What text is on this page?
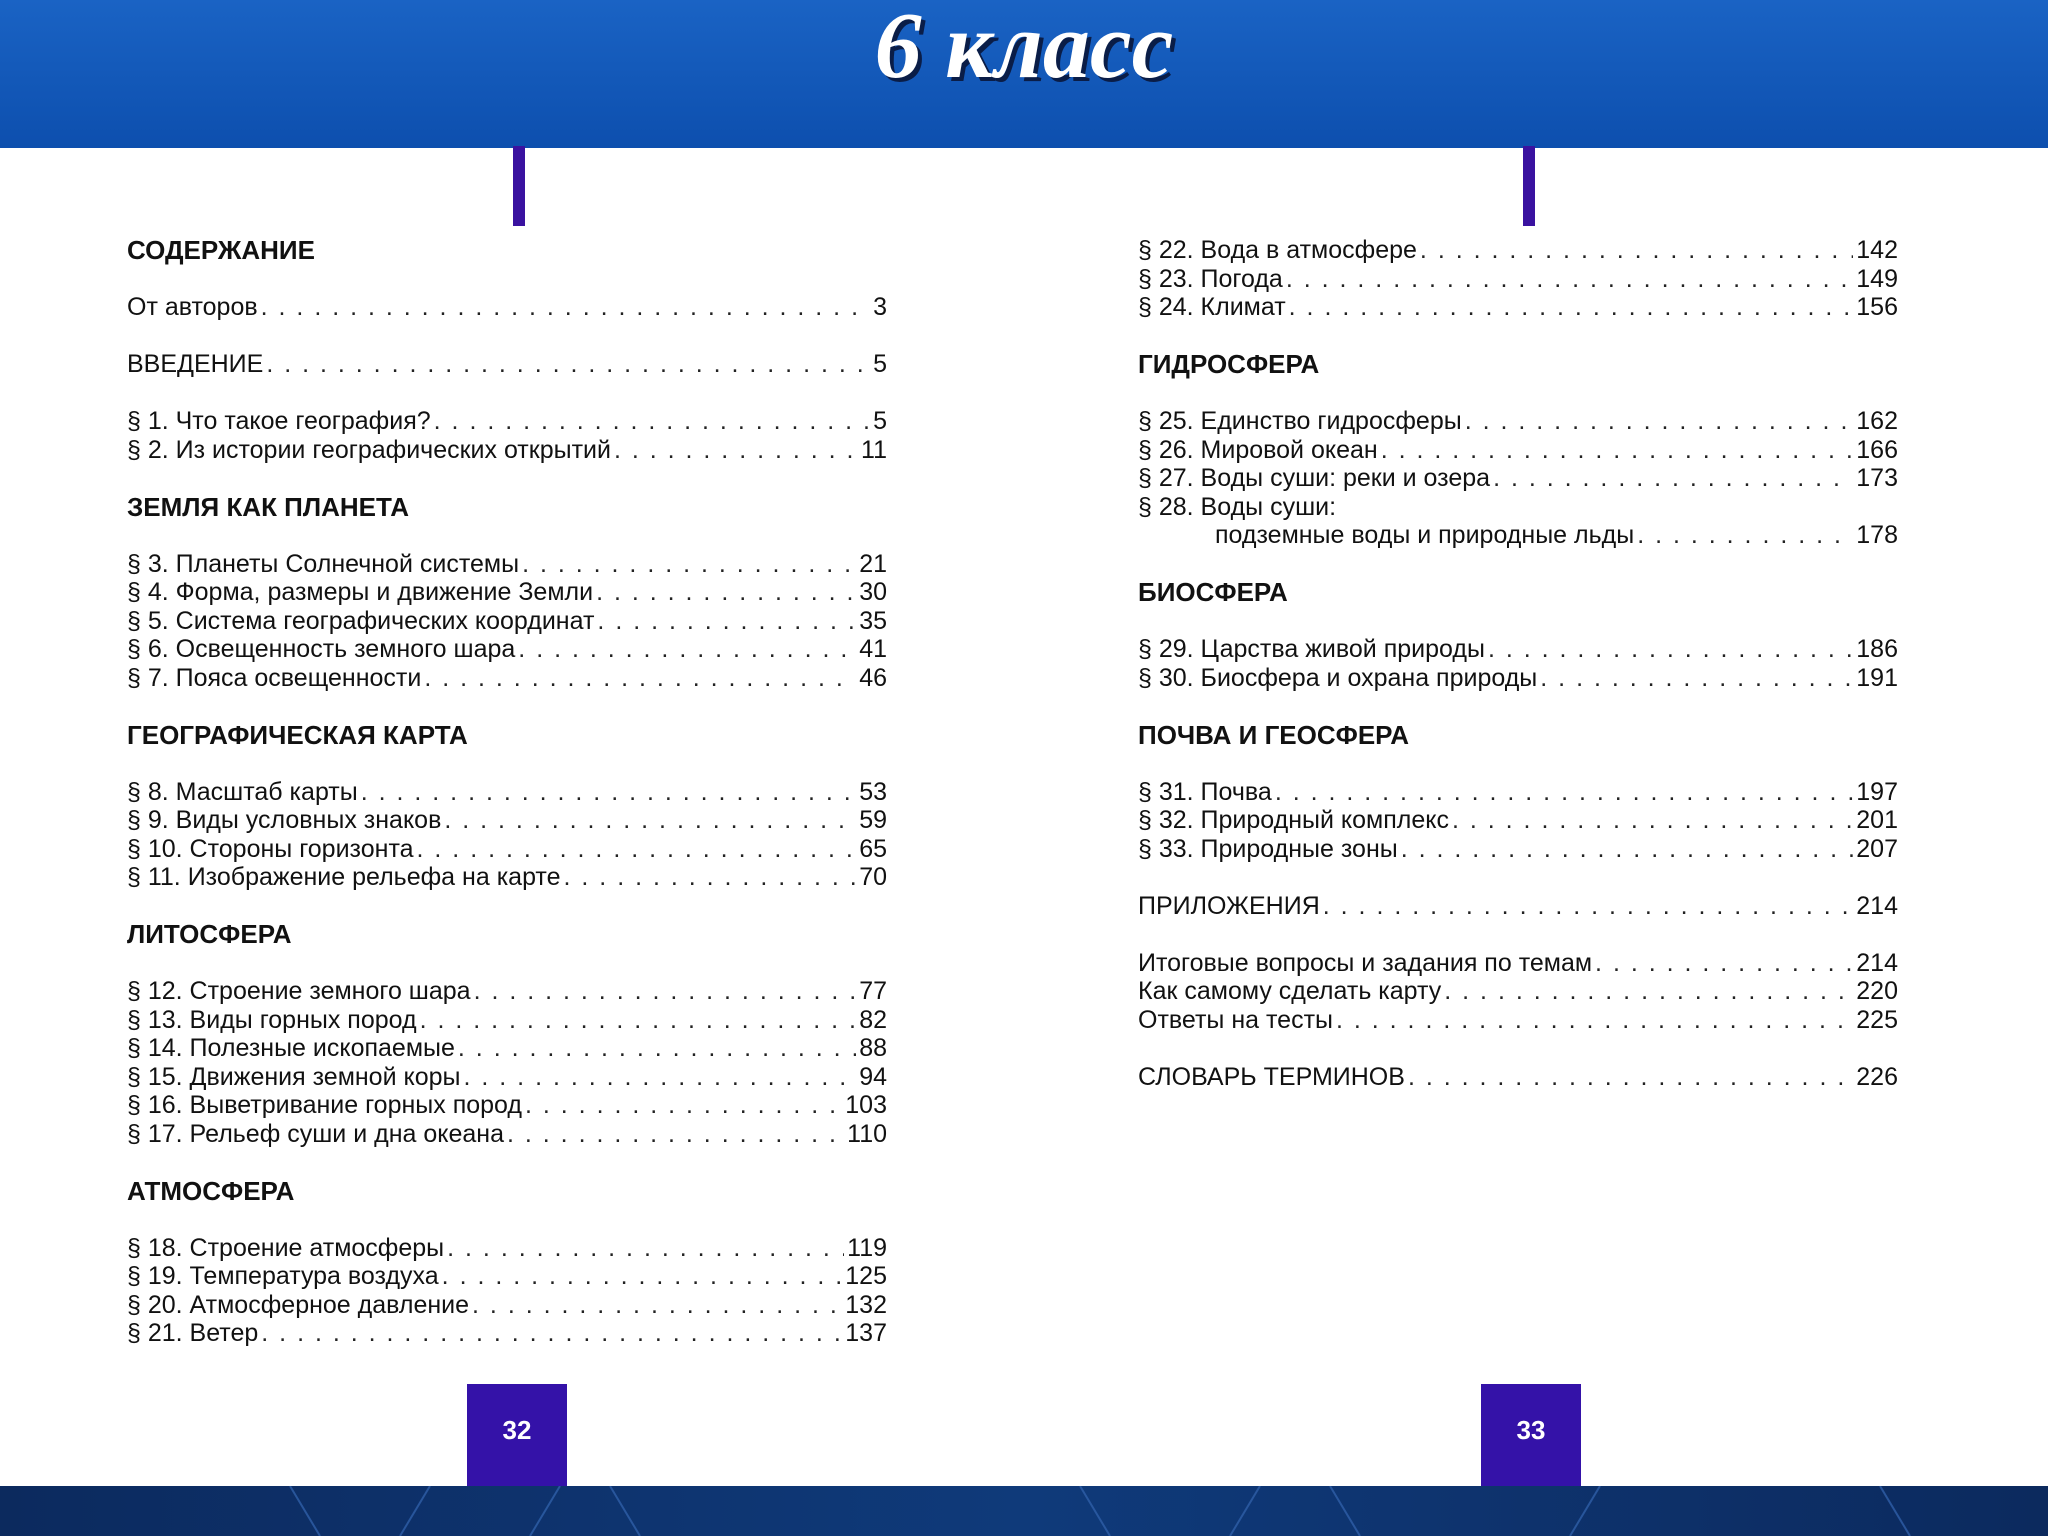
6 класс
СОДЕРЖАНИЕ
От авторов . . .	3
ВВЕДЕНИЕ . . .	5
§ 1. Что такое география? . . .	5
§ 2. Из истории географических открытий . . .	11
ЗЕМЛЯ КАК ПЛАНЕТА
§ 3. Планеты Солнечной системы . . .	21
§ 4. Форма, размеры и движение Земли . . .	30
§ 5. Система географических координат . . .	35
§ 6. Освещенность земного шара . . .	41
§ 7. Пояса освещенности . . .	46
ГЕОГРАФИЧЕСКАЯ КАРТА
§ 8. Масштаб карты . . .	53
§ 9. Виды условных знаков . . .	59
§ 10. Стороны горизонта . . .	65
§ 11. Изображение рельефа на карте . . .	70
ЛИТОСФЕРА
§ 12. Строение земного шара . . .	77
§ 13. Виды горных пород . . .	82
§ 14. Полезные ископаемые . . .	88
§ 15. Движения земной коры . . .	94
§ 16. Выветривание горных пород . . .	103
§ 17. Рельеф суши и дна океана . . .	110
АТМОСФЕРА
§ 18. Строение атмосферы . . .	119
§ 19. Температура воздуха . . .	125
§ 20. Атмосферное давление . . .	132
§ 21. Ветер . . .	137
§ 22. Вода в атмосфере . . .	142
§ 23. Погода . . .	149
§ 24. Климат . . .	156
ГИДРОСФЕРА
§ 25. Единство гидросферы . . .	162
§ 26. Мировой океан . . .	166
§ 27. Воды суши: реки и озера . . .	173
§ 28. Воды суши:
подземные воды и природные льды . . .	178
БИОСФЕРА
§ 29. Царства живой природы . . .	186
§ 30. Биосфера и охрана природы . . .	191
ПОЧВА И ГЕОСФЕРА
§ 31. Почва . . .	197
§ 32. Природный комплекс . . .	201
§ 33. Природные зоны . . .	207
ПРИЛОЖЕНИЯ . . .	214
Итоговые вопросы и задания по темам . . .	214
Как самому сделать карту . . .	220
Ответы на тесты . . .	225
СЛОВАРЬ ТЕРМИНОВ . . .	226
32	33
